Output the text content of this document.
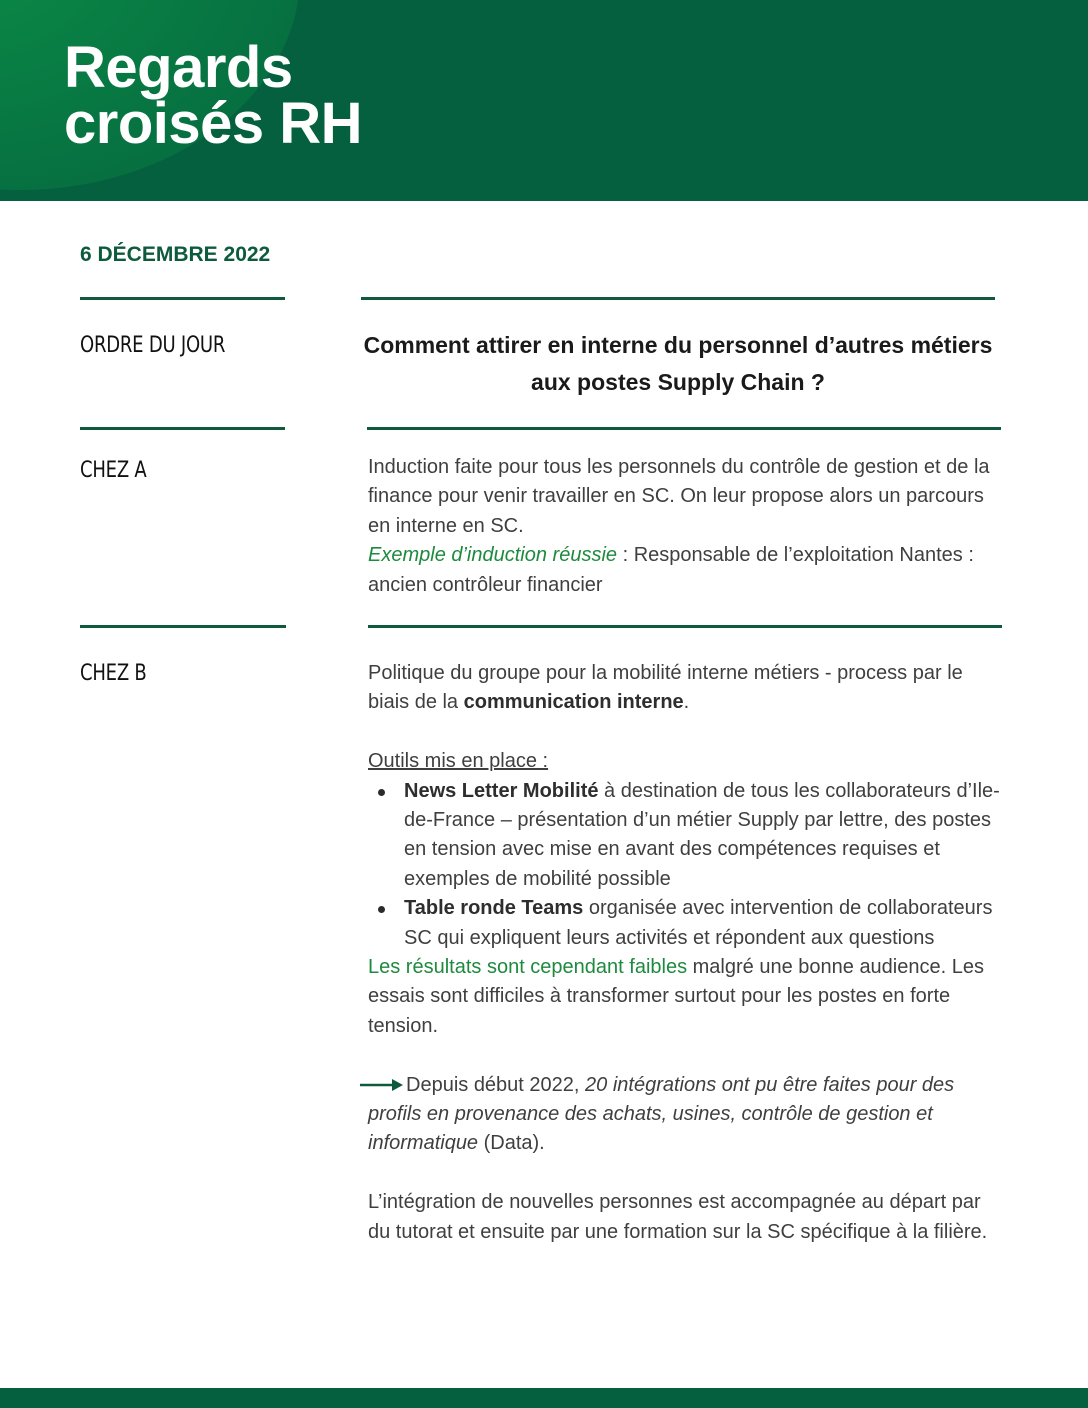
Regards
croisés RH
6 DÉCEMBRE 2022
ORDRE DU JOUR	Comment attirer en interne du personnel d’autres métiers aux postes Supply Chain ?
CHEZ A	Induction faite pour tous les personnels du contrôle de gestion et de la finance pour venir travailler en SC. On leur propose alors un parcours en interne en SC.

Exemple d’induction réussie : Responsable de l’exploitation Nantes : ancien contrôleur financier

CHEZ B	Politique du groupe pour la mobilité interne métiers - process par le biais de la communication interne.

Outils mis en place :

News Letter Mobilité à destination de tous les collaborateurs d’Ile-de-France – présentation d’un métier Supply par lettre, des postes en tension avec mise en avant des compétences requises et exemples de mobilité possible
Table ronde Teams organisée avec intervention de collaborateurs SC qui expliquent leurs activités et répondent aux questions

Les résultats sont cependant faibles malgré une bonne audience. Les essais sont difficiles à transformer surtout pour les postes en forte tension.

Depuis début 2022, 20 intégrations ont pu être faites pour des profils en provenance des achats, usines, contrôle de gestion et informatique (Data).

L’intégration de nouvelles personnes est accompagnée au départ par du tutorat et ensuite par une formation sur la SC spécifique à la filière.
